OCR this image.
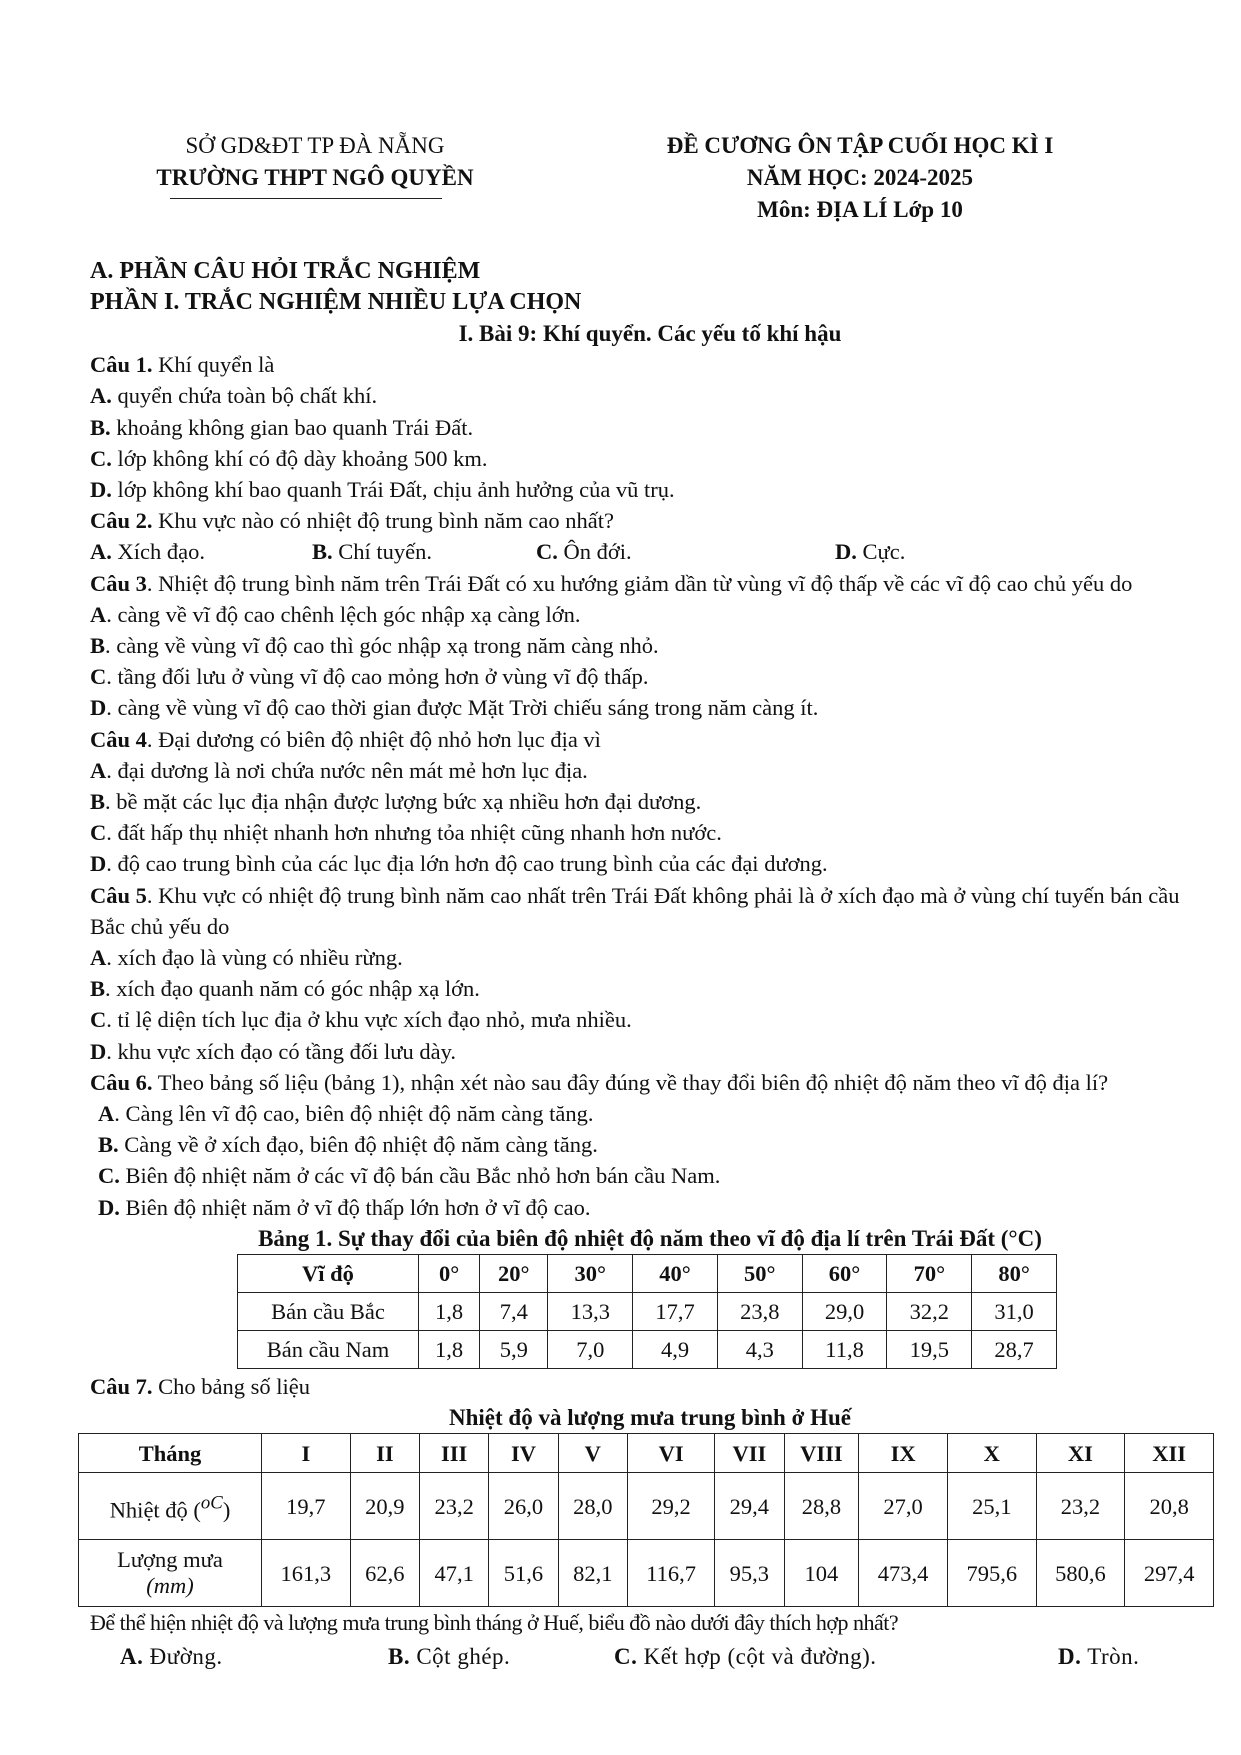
SỞ GD&ĐT TP ĐÀ NẴNG
TRƯỜNG THPT NGÔ QUYỀN
ĐỀ CƯƠNG ÔN TẬP CUỐI HỌC KÌ I
NĂM HỌC: 2024-2025
Môn: ĐỊA LÍ Lớp 10
A. PHẦN CÂU HỎI TRẮC NGHIỆM
PHẦN I. TRẮC NGHIỆM NHIỀU LỰA CHỌN
I. Bài 9: Khí quyển. Các yếu tố khí hậu
Câu 1. Khí quyển là
A. quyển chứa toàn bộ chất khí.
B. khoảng không gian bao quanh Trái Đất.
C. lớp không khí có độ dày khoảng 500 km.
D. lớp không khí bao quanh Trái Đất, chịu ảnh hưởng của vũ trụ.
Câu 2. Khu vực nào có nhiệt độ trung bình năm cao nhất?
A. Xích đạo.	B. Chí tuyến.	C. Ôn đới.	D. Cực.
Câu 3. Nhiệt độ trung bình năm trên Trái Đất có xu hướng giảm dần từ vùng vĩ độ thấp về các vĩ độ cao chủ yếu do
A. càng về vĩ độ cao chênh lệch góc nhập xạ càng lớn.
B. càng về vùng vĩ độ cao thì góc nhập xạ trong năm càng nhỏ.
C. tầng đối lưu ở vùng vĩ độ cao mỏng hơn ở vùng vĩ độ thấp.
D. càng về vùng vĩ độ cao thời gian được Mặt Trời chiếu sáng trong năm càng ít.
Câu 4. Đại dương có biên độ nhiệt độ nhỏ hơn lục địa vì
A. đại dương là nơi chứa nước nên mát mẻ hơn lục địa.
B. bề mặt các lục địa nhận được lượng bức xạ nhiều hơn đại dương.
C. đất hấp thụ nhiệt nhanh hơn nhưng tỏa nhiệt cũng nhanh hơn nước.
D. độ cao trung bình của các lục địa lớn hơn độ cao trung bình của các đại dương.
Câu 5. Khu vực có nhiệt độ trung bình năm cao nhất trên Trái Đất không phải là ở xích đạo mà ở vùng chí tuyến bán cầu Bắc chủ yếu do
A. xích đạo là vùng có nhiều rừng.
B. xích đạo quanh năm có góc nhập xạ lớn.
C. tỉ lệ diện tích lục địa ở khu vực xích đạo nhỏ, mưa nhiều.
D. khu vực xích đạo có tầng đối lưu dày.
Câu 6. Theo bảng số liệu (bảng 1), nhận xét nào sau đây đúng về thay đổi biên độ nhiệt độ năm theo vĩ độ địa lí?
A. Càng lên vĩ độ cao, biên độ nhiệt độ năm càng tăng.
B. Càng về ở xích đạo, biên độ nhiệt độ năm càng tăng.
C. Biên độ nhiệt năm ở các vĩ độ bán cầu Bắc nhỏ hơn bán cầu Nam.
D. Biên độ nhiệt năm ở vĩ độ thấp lớn hơn ở vĩ độ cao.
Bảng 1. Sự thay đổi của biên độ nhiệt độ năm theo vĩ độ địa lí trên Trái Đất (°C)
Vĩ độ	0°	20°	30°	40°	50°	60°	70°	80°
Bán cầu Bắc	1,8	7,4	13,3	17,7	23,8	29,0	32,2	31,0
Bán cầu Nam	1,8	5,9	7,0	4,9	4,3	11,8	19,5	28,7
Câu 7. Cho bảng số liệu
Nhiệt độ và lượng mưa trung bình ở Huế
Tháng	I	II	III	IV	V	VI	VII	VIII	IX	X	XI	XII
Nhiệt độ ($^{oC}$)	19,7	20,9	23,2	26,0	28,0	29,2	29,4	28,8	27,0	25,1	23,2	20,8
Lượng mưa
(mm)	161,3	62,6	47,1	51,6	82,1	116,7	95,3	104	473,4	795,6	580,6	297,4
Để thể hiện nhiệt độ và lượng mưa trung bình tháng ở Huế, biểu đồ nào dưới đây thích hợp nhất?
A. Đường.	B. Cột ghép.	C. Kết hợp (cột và đường).	D. Tròn.
